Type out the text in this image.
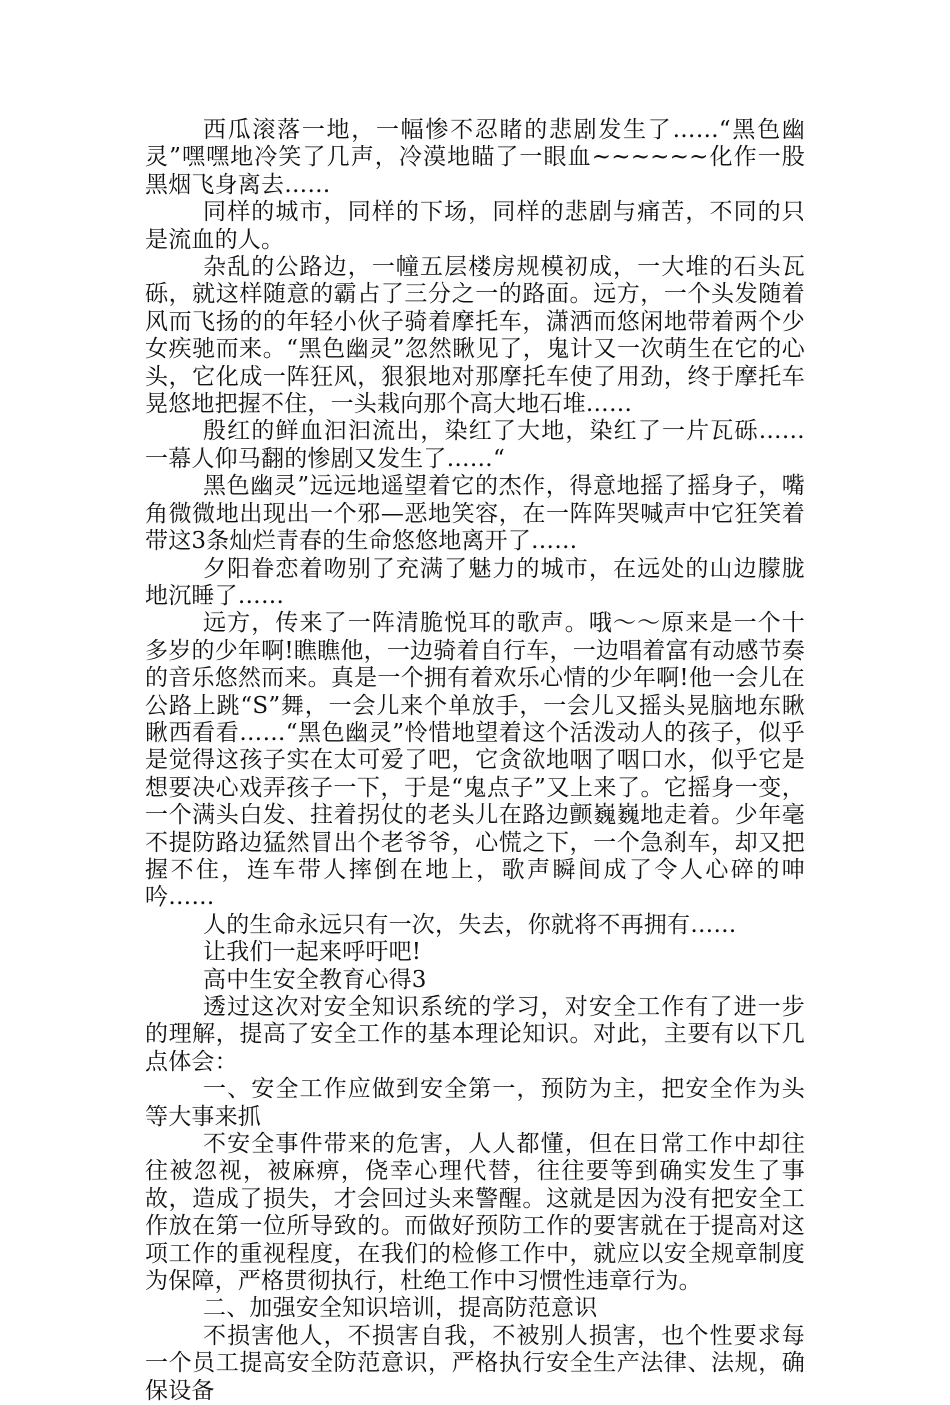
西瓜滚落一地，一幅惨不忍睹的悲剧发生了……“黑色幽灵”嘿嘿地冷笑了几声，冷漠地瞄了一眼血~~~~~~化作一股黑烟飞身离去……

同样的城市，同样的下场，同样的悲剧与痛苦，不同的只是流血的人。

杂乱的公路边，一幢五层楼房规模初成，一大堆的石头瓦砾，就这样随意的霸占了三分之一的路面。远方，一个头发随着风而飞扬的的年轻小伙子骑着摩托车，潇洒而悠闲地带着两个少女疾驰而来。“黑色幽灵”忽然瞅见了，鬼计又一次萌生在它的心头，它化成一阵狂风，狠狠地对那摩托车使了用劲，终于摩托车晃悠地把握不住，一头栽向那个高大地石堆……

殷红的鲜血汩汩流出，染红了大地，染红了一片瓦砾……一幕人仰马翻的惨剧又发生了……“

黑色幽灵”远远地遥望着它的杰作，得意地摇了摇身子，嘴角微微地出现出一个邪—恶地笑容，在一阵阵哭喊声中它狂笑着带这3条灿烂青春的生命悠悠地离开了……

夕阳眷恋着吻别了充满了魅力的城市，在远处的山边朦胧地沉睡了……

远方，传来了一阵清脆悦耳的歌声。哦～～原来是一个十多岁的少年啊!瞧瞧他，一边骑着自行车，一边唱着富有动感节奏的音乐悠然而来。真是一个拥有着欢乐心情的少年啊!他一会儿在公路上跳“S”舞，一会儿来个单放手，一会儿又摇头晃脑地东瞅瞅西看看……“黑色幽灵”怜惜地望着这个活泼动人的孩子，似乎是觉得这孩子实在太可爱了吧，它贪欲地咽了咽口水，似乎它是想要决心戏弄孩子一下，于是“鬼点子”又上来了。它摇身一变，一个满头白发、拄着拐仗的老头儿在路边颤巍巍地走着。少年毫不提防路边猛然冒出个老爷爷，心慌之下，一个急刹车，却又把握不住，连车带人摔倒在地上，歌声瞬间成了令人心碎的呻吟……

人的生命永远只有一次，失去，你就将不再拥有……

让我们一起来呼吁吧!

高中生安全教育心得3

透过这次对安全知识系统的学习，对安全工作有了进一步的理解，提高了安全工作的基本理论知识。对此，主要有以下几点体会：

一、安全工作应做到安全第一，预防为主，把安全作为头等大事来抓

不安全事件带来的危害，人人都懂，但在日常工作中却往往被忽视，被麻痹，侥幸心理代替，往往要等到确实发生了事故，造成了损失，才会回过头来警醒。这就是因为没有把安全工作放在第一位所导致的。而做好预防工作的要害就在于提高对这项工作的重视程度，在我们的检修工作中，就应以安全规章制度为保障，严格贯彻执行，杜绝工作中习惯性违章行为。

二、加强安全知识培训，提高防范意识

不损害他人，不损害自我，不被别人损害，也个性要求每一个员工提高安全防范意识，严格执行安全生产法律、法规，确保设备
